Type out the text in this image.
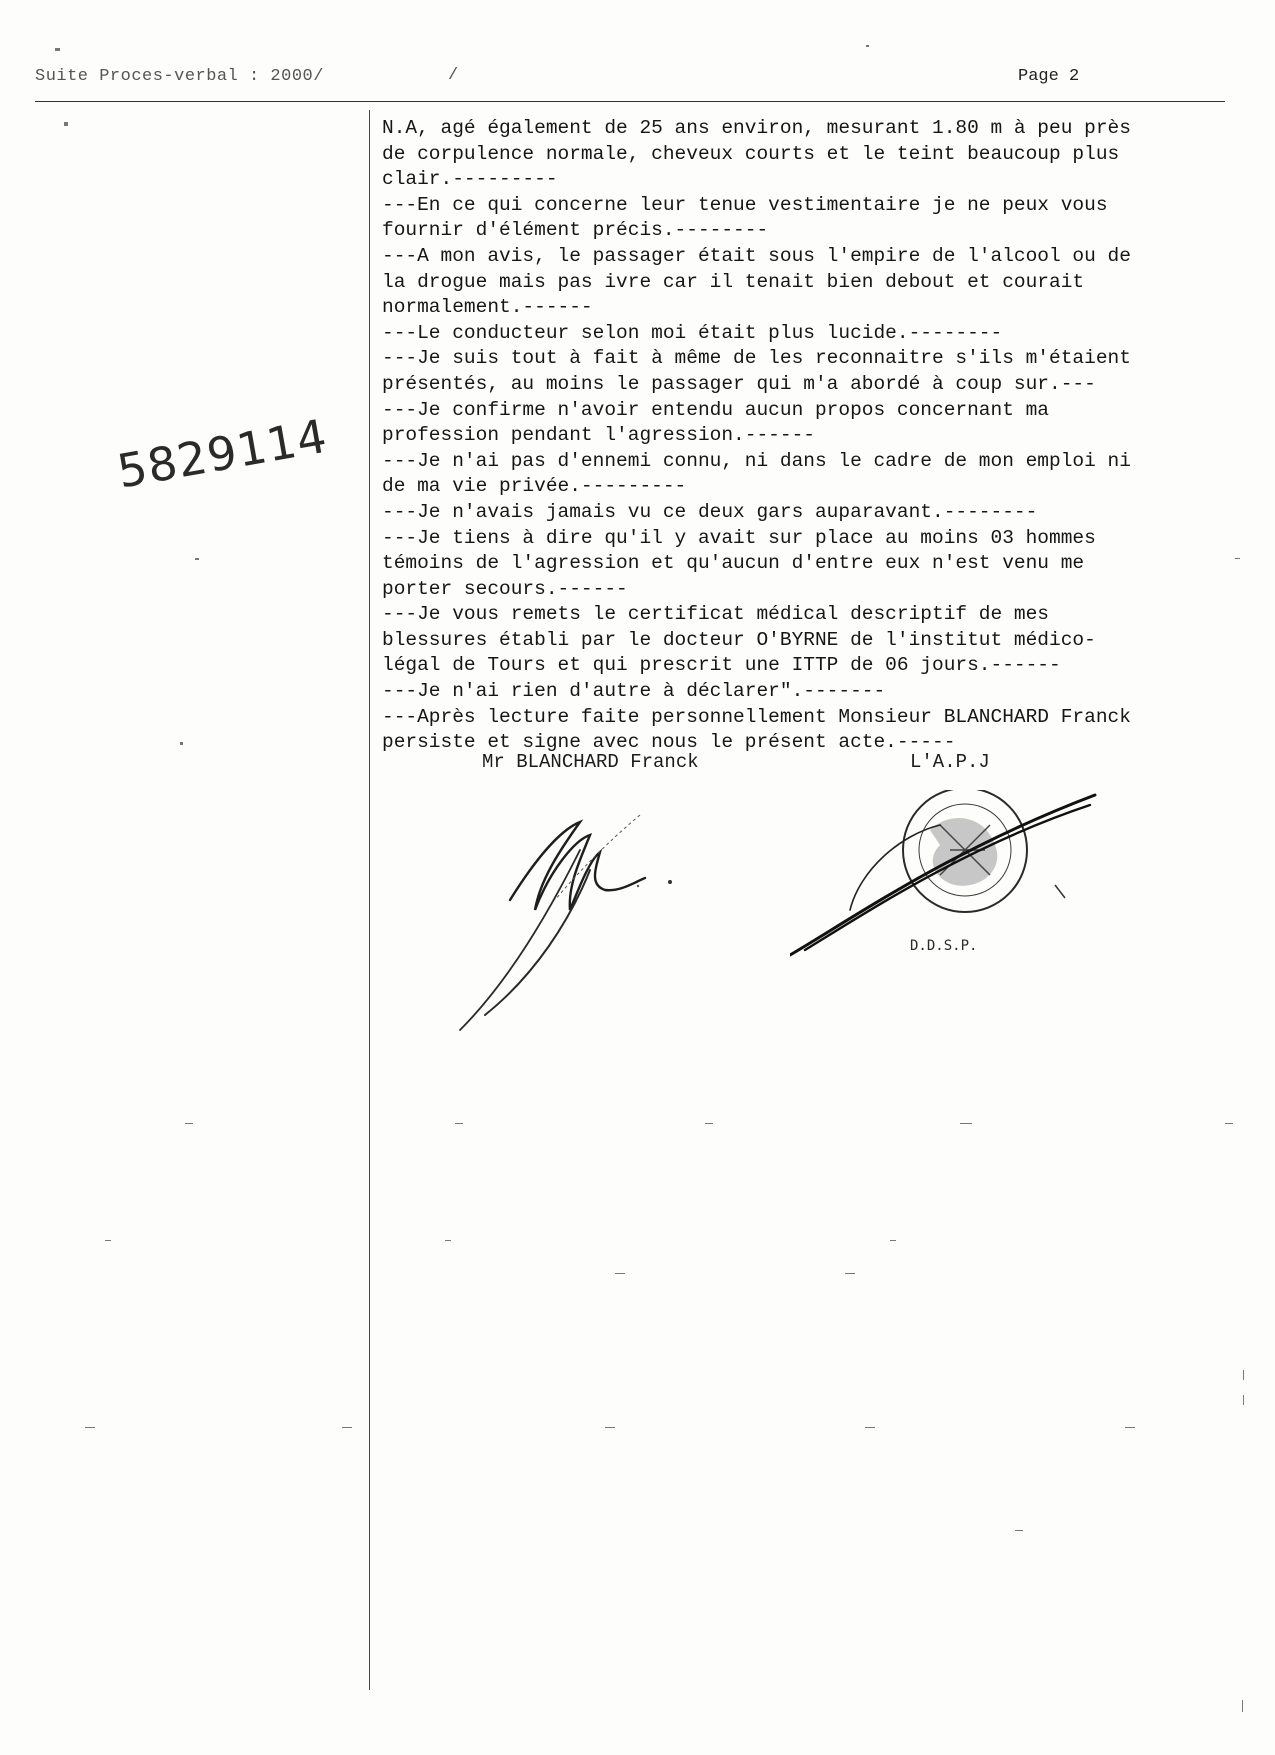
Suite Proces-verbal : 2000/	/	Page 2
5829114
N.A, agé également de 25 ans environ, mesurant 1.80 m à peu près
de corpulence normale, cheveux courts et le teint beaucoup plus
clair.---------
---En ce qui concerne leur tenue vestimentaire je ne peux vous
fournir d'élément précis.--------
---A mon avis, le passager était sous l'empire de l'alcool ou de
la drogue mais pas ivre car il tenait bien debout et courait
normalement.------
---Le conducteur selon moi était plus lucide.--------
---Je suis tout à fait à même de les reconnaitre s'ils m'étaient
présentés, au moins le passager qui m'a abordé à coup sur.---
---Je confirme n'avoir entendu aucun propos concernant ma
profession pendant l'agression.------
---Je n'ai pas d'ennemi connu, ni dans le cadre de mon emploi ni
de ma vie privée.---------
---Je n'avais jamais vu ce deux gars auparavant.--------
---Je tiens à dire qu'il y avait sur place au moins 03 hommes
témoins de l'agression et qu'aucun d'entre eux n'est venu me
porter secours.------
---Je vous remets le certificat médical descriptif de mes
blessures établi par le docteur O'BYRNE de l'institut médico-
légal de Tours et qui prescrit une ITTP de 06 jours.------
---Je n'ai rien d'autre à déclarer".-------
---Après lecture faite personnellement Monsieur BLANCHARD Franck
persiste et signe avec nous le présent acte.-----
Mr BLANCHARD Franck	L'A.P.J
D.D.S.P.
